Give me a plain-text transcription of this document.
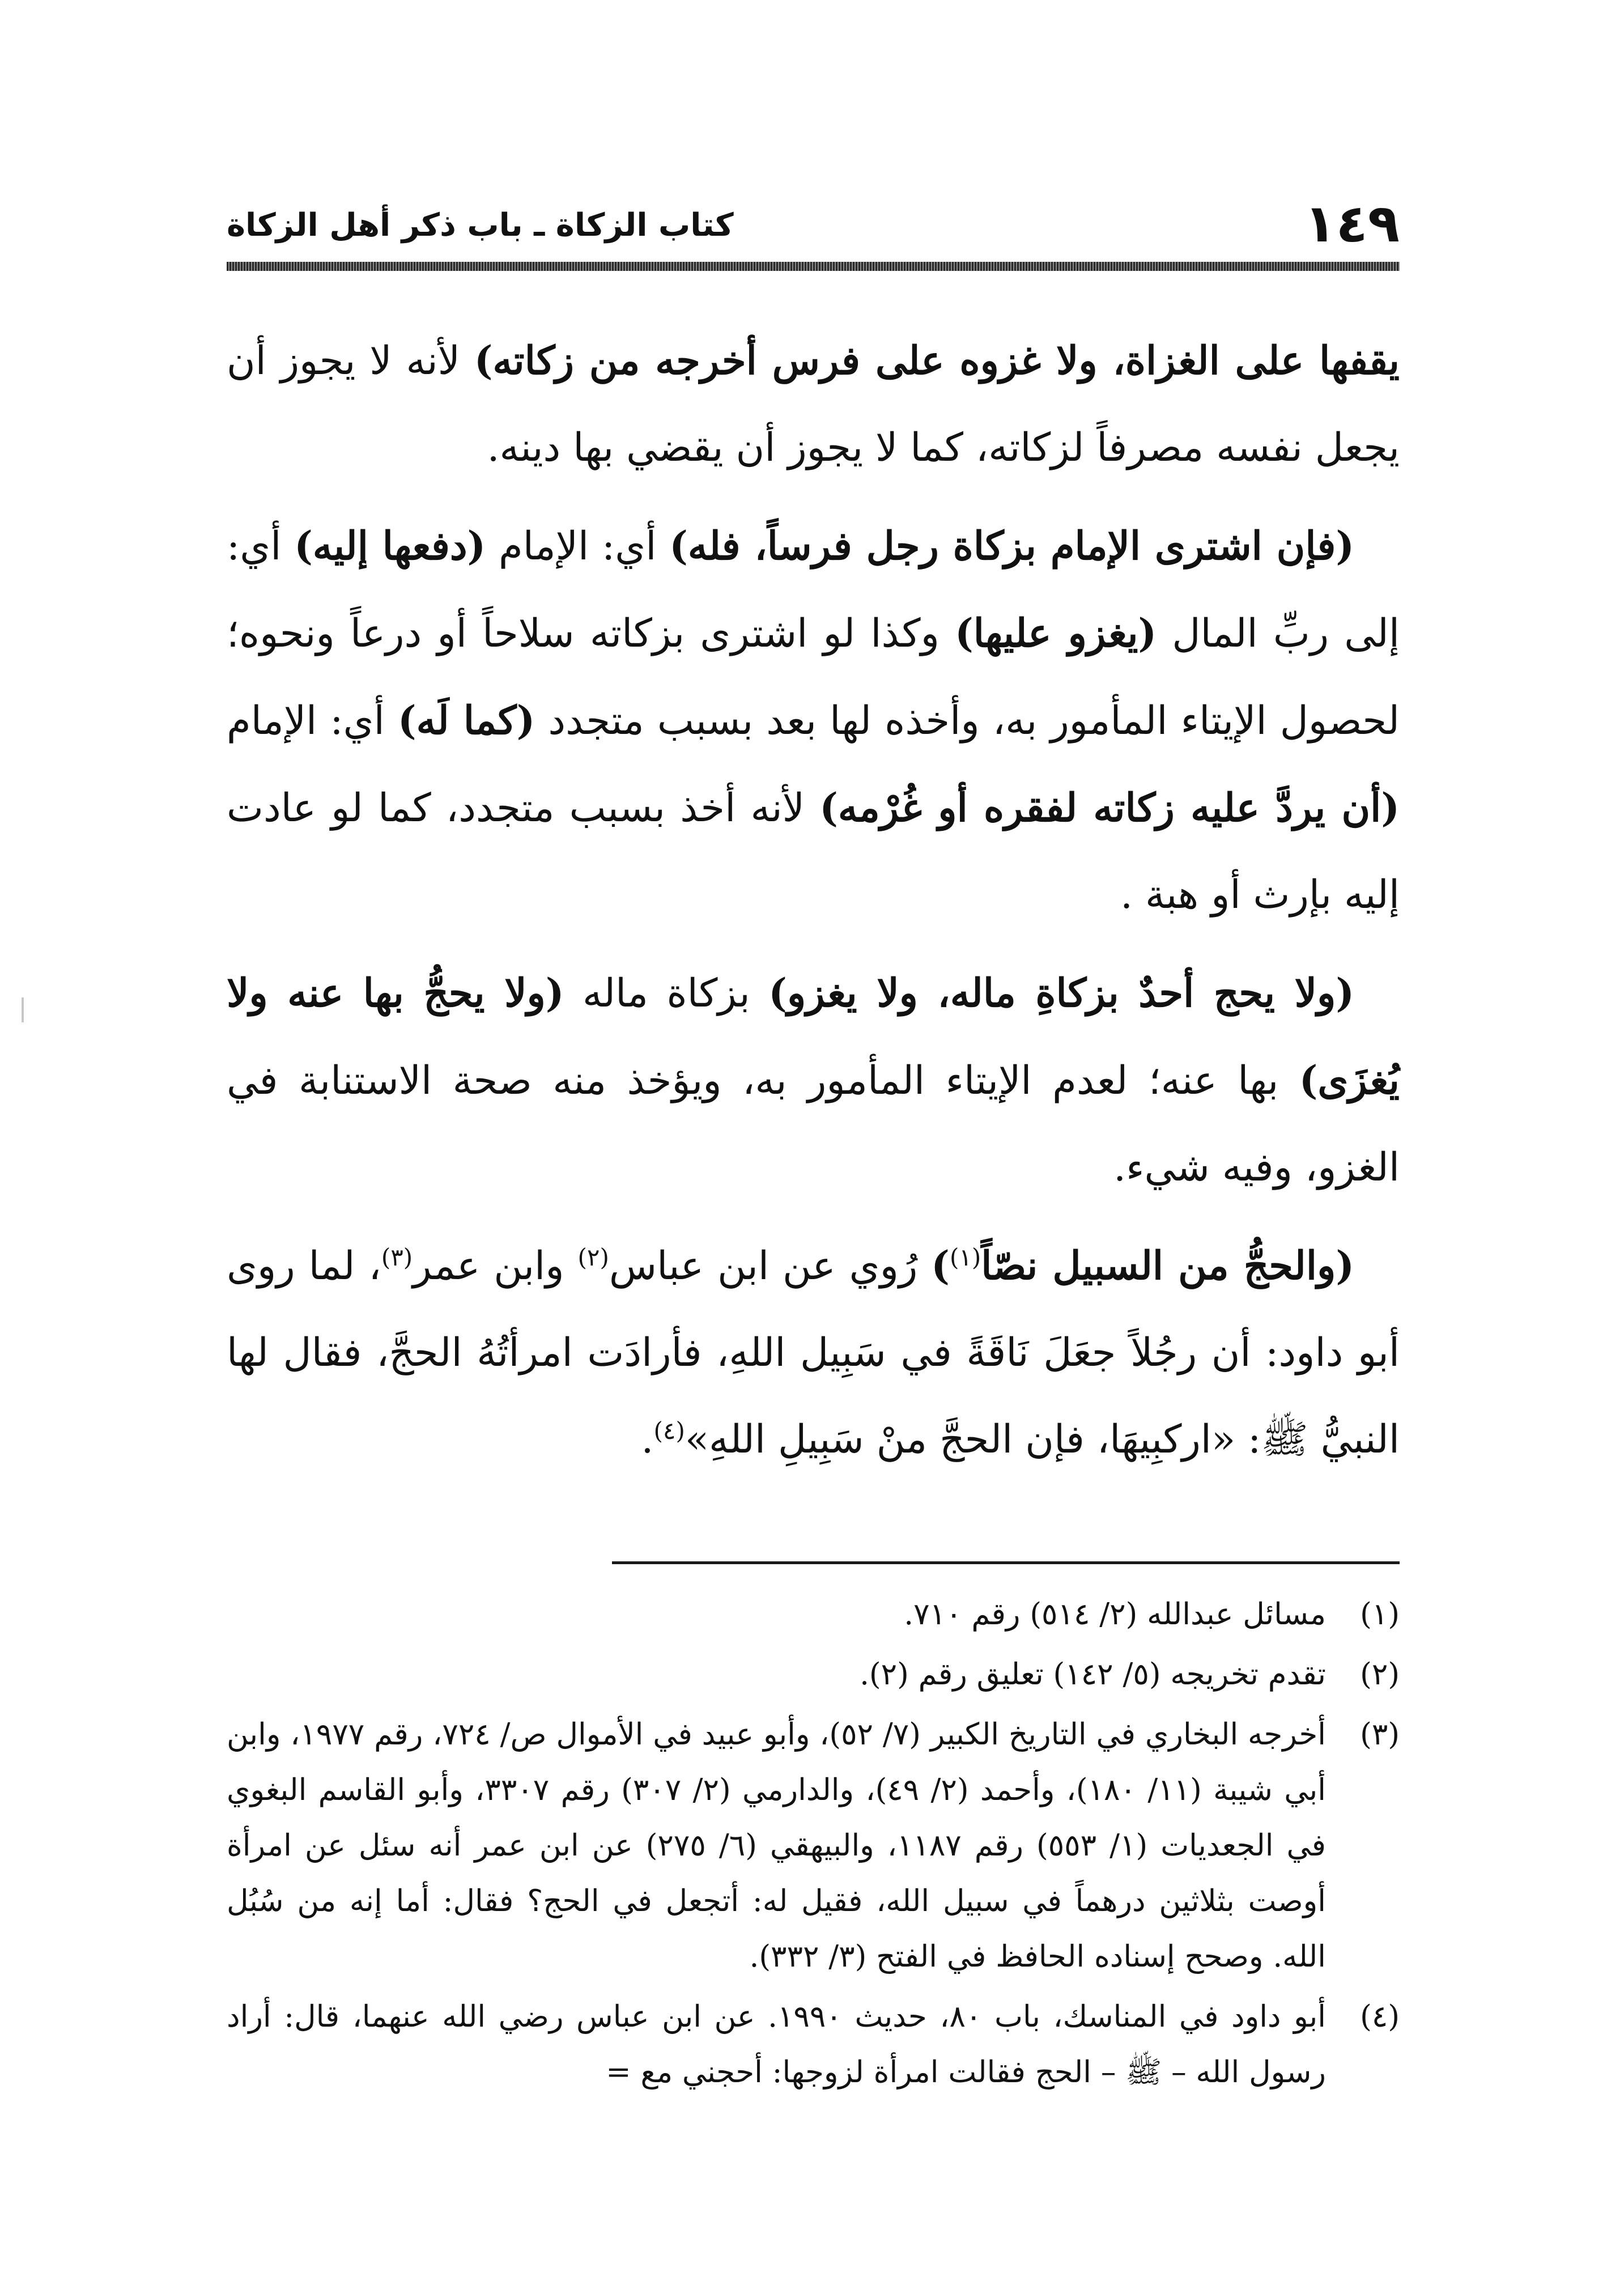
١٤٩
كتاب الزكاة ـ باب ذكر أهل الزكاة

يقفها على الغزاة، ولا غزوه على فرس أخرجه من زكاته) لأنه لا يجوز أن يجعل نفسه مصرفاً لزكاته، كما لا يجوز أن يقضي بها دينه.

(فإن اشترى الإمام بزكاة رجل فرساً، فله) أي: الإمام (دفعها إليه) أي: إلى ربِّ المال (يغزو عليها) وكذا لو اشترى بزكاته سلاحاً أو درعاً ونحوه؛ لحصول الإيتاء المأمور به، وأخذه لها بعد بسبب متجدد (كما لَه) أي: الإمام (أن يردَّ عليه زكاته لفقره أو غُرْمه) لأنه أخذ بسبب متجدد، كما لو عادت إليه بإرث أو هبة .

(ولا يحج أحدٌ بزكاةِ ماله، ولا يغزو) بزكاة ماله (ولا يحجُّ بها عنه ولا يُغزَى) بها عنه؛ لعدم الإيتاء المأمور به، ويؤخذ منه صحة الاستنابة في الغزو، وفيه شيء.

(والحجُّ من السبيل نصّاً$^{(١)}$) رُوي عن ابن عباس$^{(٢)}$ وابن عمر$^{(٣)}$، لما روى أبو داود: أن رجُلاً جعَلَ نَاقَةً في سَبِيل اللهِ، فأرادَت امرأتُهُ الحجَّ، فقال لها النبيُّ ﷺ: «اركبِيهَا، فإن الحجَّ منْ سَبِيلِ اللهِ»$^{(٤)}$.

(١)
مسائل عبدالله (٢/ ٥١٤) رقم ٧١٠.
(٢)
تقدم تخريجه (٥/ ١٤٢) تعليق رقم (٢).
(٣)
أخرجه البخاري في التاريخ الكبير (٧/ ٥٢)، وأبو عبيد في الأموال ص/ ٧٢٤، رقم ١٩٧٧، وابن أبي شيبة (١١/ ١٨٠)، وأحمد (٢/ ٤٩)، والدارمي (٢/ ٣٠٧) رقم ٣٣٠٧، وأبو القاسم البغوي في الجعديات (١/ ٥٥٣) رقم ١١٨٧، والبيهقي (٦/ ٢٧٥) عن ابن عمر أنه سئل عن امرأة أوصت بثلاثين درهماً في سبيل الله، فقيل له: أتجعل في الحج؟ فقال: أما إنه من سُبُل الله. وصحح إسناده الحافظ في الفتح (٣/ ٣٣٢).
(٤)
أبو داود في المناسك، باب ٨٠، حديث ١٩٩٠. عن ابن عباس رضي الله عنهما، قال: أراد رسول الله – ﷺ – الحج فقالت امرأة لزوجها: أحجني مع =
